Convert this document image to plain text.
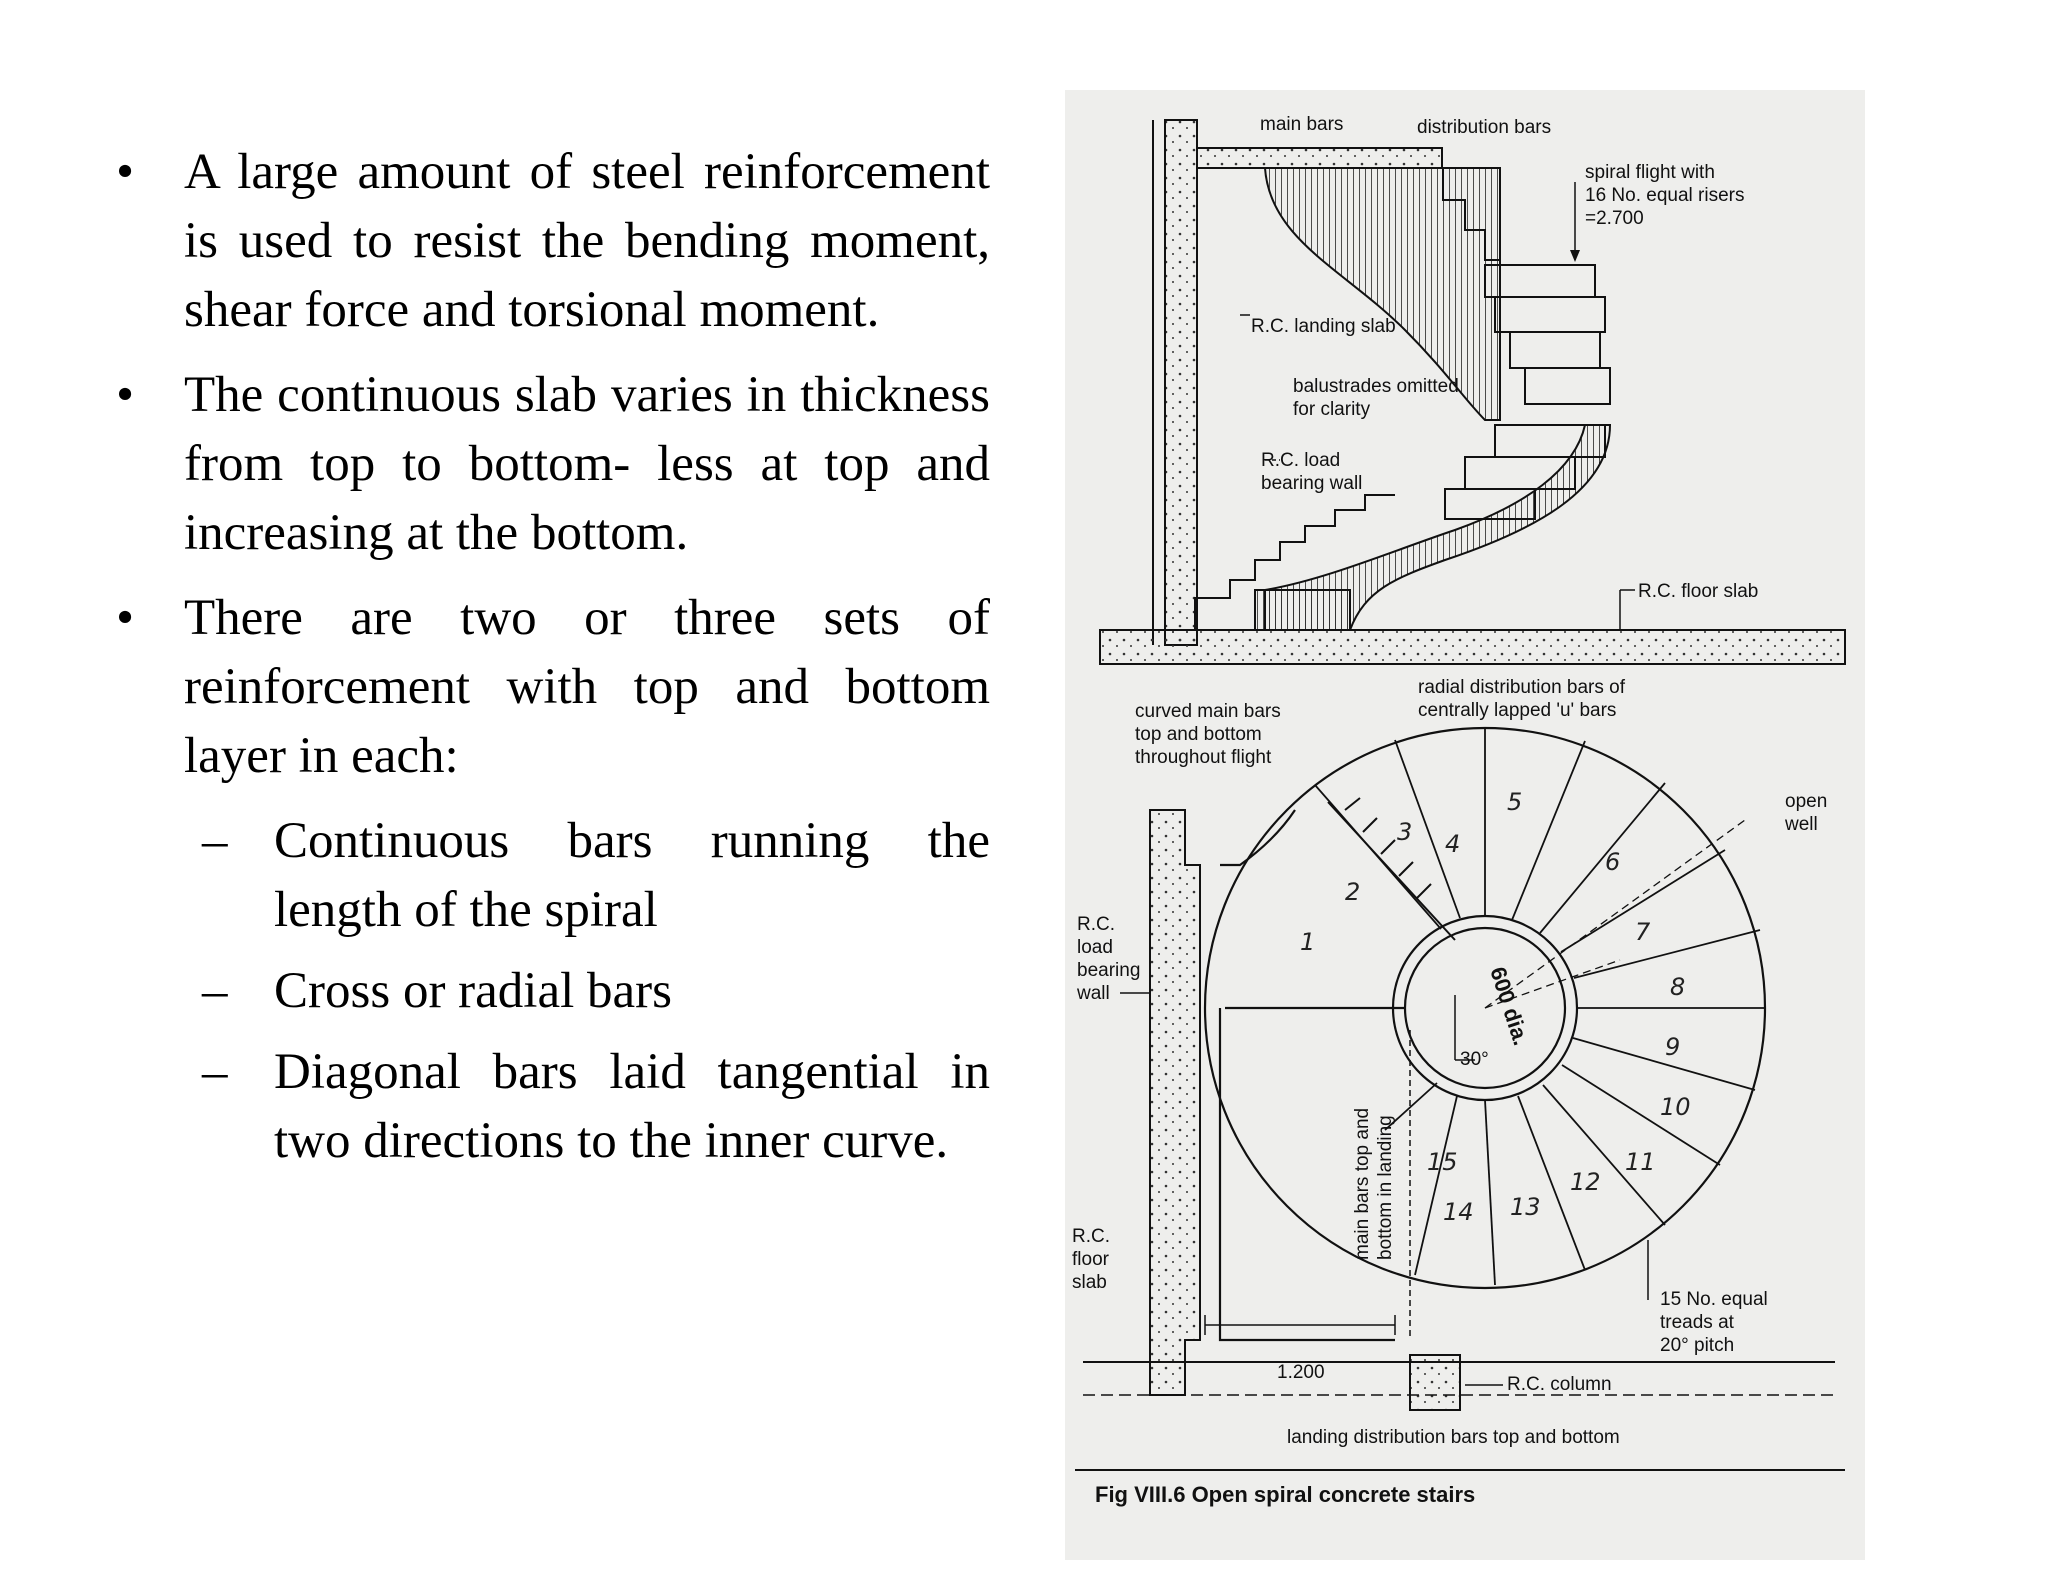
• A large amount of steel reinforcement is used to resist the bending moment, shear force and torsional moment.
• The continuous slab varies in thickness from top to bottom- less at top and increasing at the bottom.
• There are two or three sets of reinforcement with top and bottom layer in each:
– Continuous bars running the length of the spiral
– Cross or radial bars
– Diagonal bars laid tangential in two directions to the inner curve.
main bars	distribution bars
spiral flight with
16 No. equal risers
=2.700
R.C. landing slab
balustrades omitted
for clarity
R.C. load
bearing wall
R.C. floor slab
radial distribution bars of
centrally lapped 'u' bars
curved main bars
top and bottom
throughout flight
open
well
R.C.
load
bearing
wall
R.C.
floor
slab
30°
600 dia.
main bars top and bottom in landing
1
2
3 4
5
6
7
8
9
10
11
12
13
14
15
15 No. equal
treads at
20° pitch
1.200
R.C. column
landing distribution bars top and bottom
Fig VIII.6 Open spiral concrete stairs
